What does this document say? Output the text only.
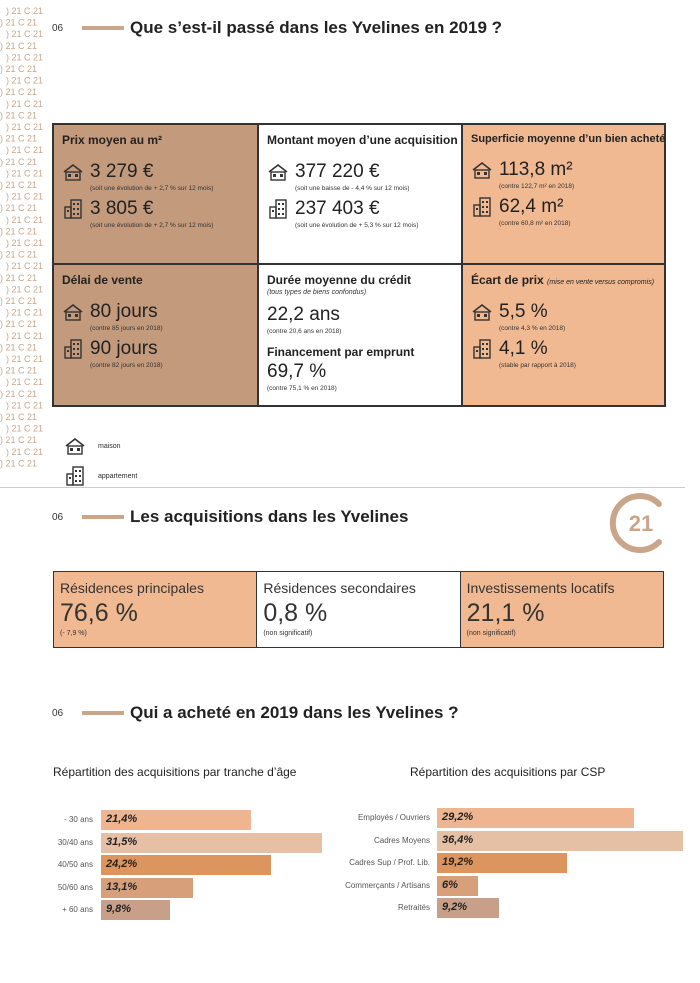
) 21 C 21
) 21 C 21
) 21 C 21
) 21 C 21
) 21 C 21
) 21 C 21
) 21 C 21
) 21 C 21
) 21 C 21
) 21 C 21
) 21 C 21
) 21 C 21
) 21 C 21
) 21 C 21
) 21 C 21
) 21 C 21
) 21 C 21
) 21 C 21
) 21 C 21
) 21 C 21
) 21 C 21
) 21 C 21
) 21 C 21
) 21 C 21
) 21 C 21
) 21 C 21
) 21 C 21
) 21 C 21
) 21 C 21
) 21 C 21
) 21 C 21
) 21 C 21
) 21 C 21
) 21 C 21
) 21 C 21
) 21 C 21
) 21 C 21
) 21 C 21
) 21 C 21
) 21 C 21
06	Que s’est-il passé dans les Yvelines en 2019 ?
Prix moyen au m²
3 279 €
(soit une évolution de + 2,7 % sur 12 mois)
3 805 €
(soit une évolution de + 2,7 % sur 12 mois)
Montant moyen d’une acquisition
377 220 €
(soit une baisse de - 4,4 % sur 12 mois)
237 403 €
(soit une évolution de + 5,3 % sur 12 mois)
Superficie moyenne d’un bien acheté
113,8 m²
(contre 122,7 m² en 2018)
62,4 m²
(contre 60,8 m² en 2018)
Délai de vente
80 jours
(contre 85 jours en 2018)
90 jours
(contre 82 jours en 2018)
Durée moyenne du crédit
(tous types de biens confondus)
22,2 ans
(contre 20,6 ans en 2018)
Financement par emprunt
69,7 %
(contre 75,1 % en 2018)
Écart de prix (mise en vente versus compromis)
5,5 %
(contre 4,3 % en 2018)
4,1 %
(stable par rapport à 2018)
maison
appartement
06	Les acquisitions dans les Yvelines	21
Résidences principales
76,6 %
(- 7,9 %)
Résidences secondaires
0,8 %
(non significatif)
Investissements locatifs
21,1 %
(non significatif)
06	Qui a acheté en 2019 dans les Yvelines ?
Répartition des acquisitions par tranche d’âge	Répartition des acquisitions par CSP
- 30 ans 21,4%
30/40 ans 31,5%
40/50 ans 24,2%
50/60 ans 13,1%
+ 60 ans 9,8%
Employés / Ouvriers 29,2%
Cadres Moyens 36,4%
Cadres Sup / Prof. Lib. 19,2%
Commerçants / Artisans 6%
Retraités 9,2%
